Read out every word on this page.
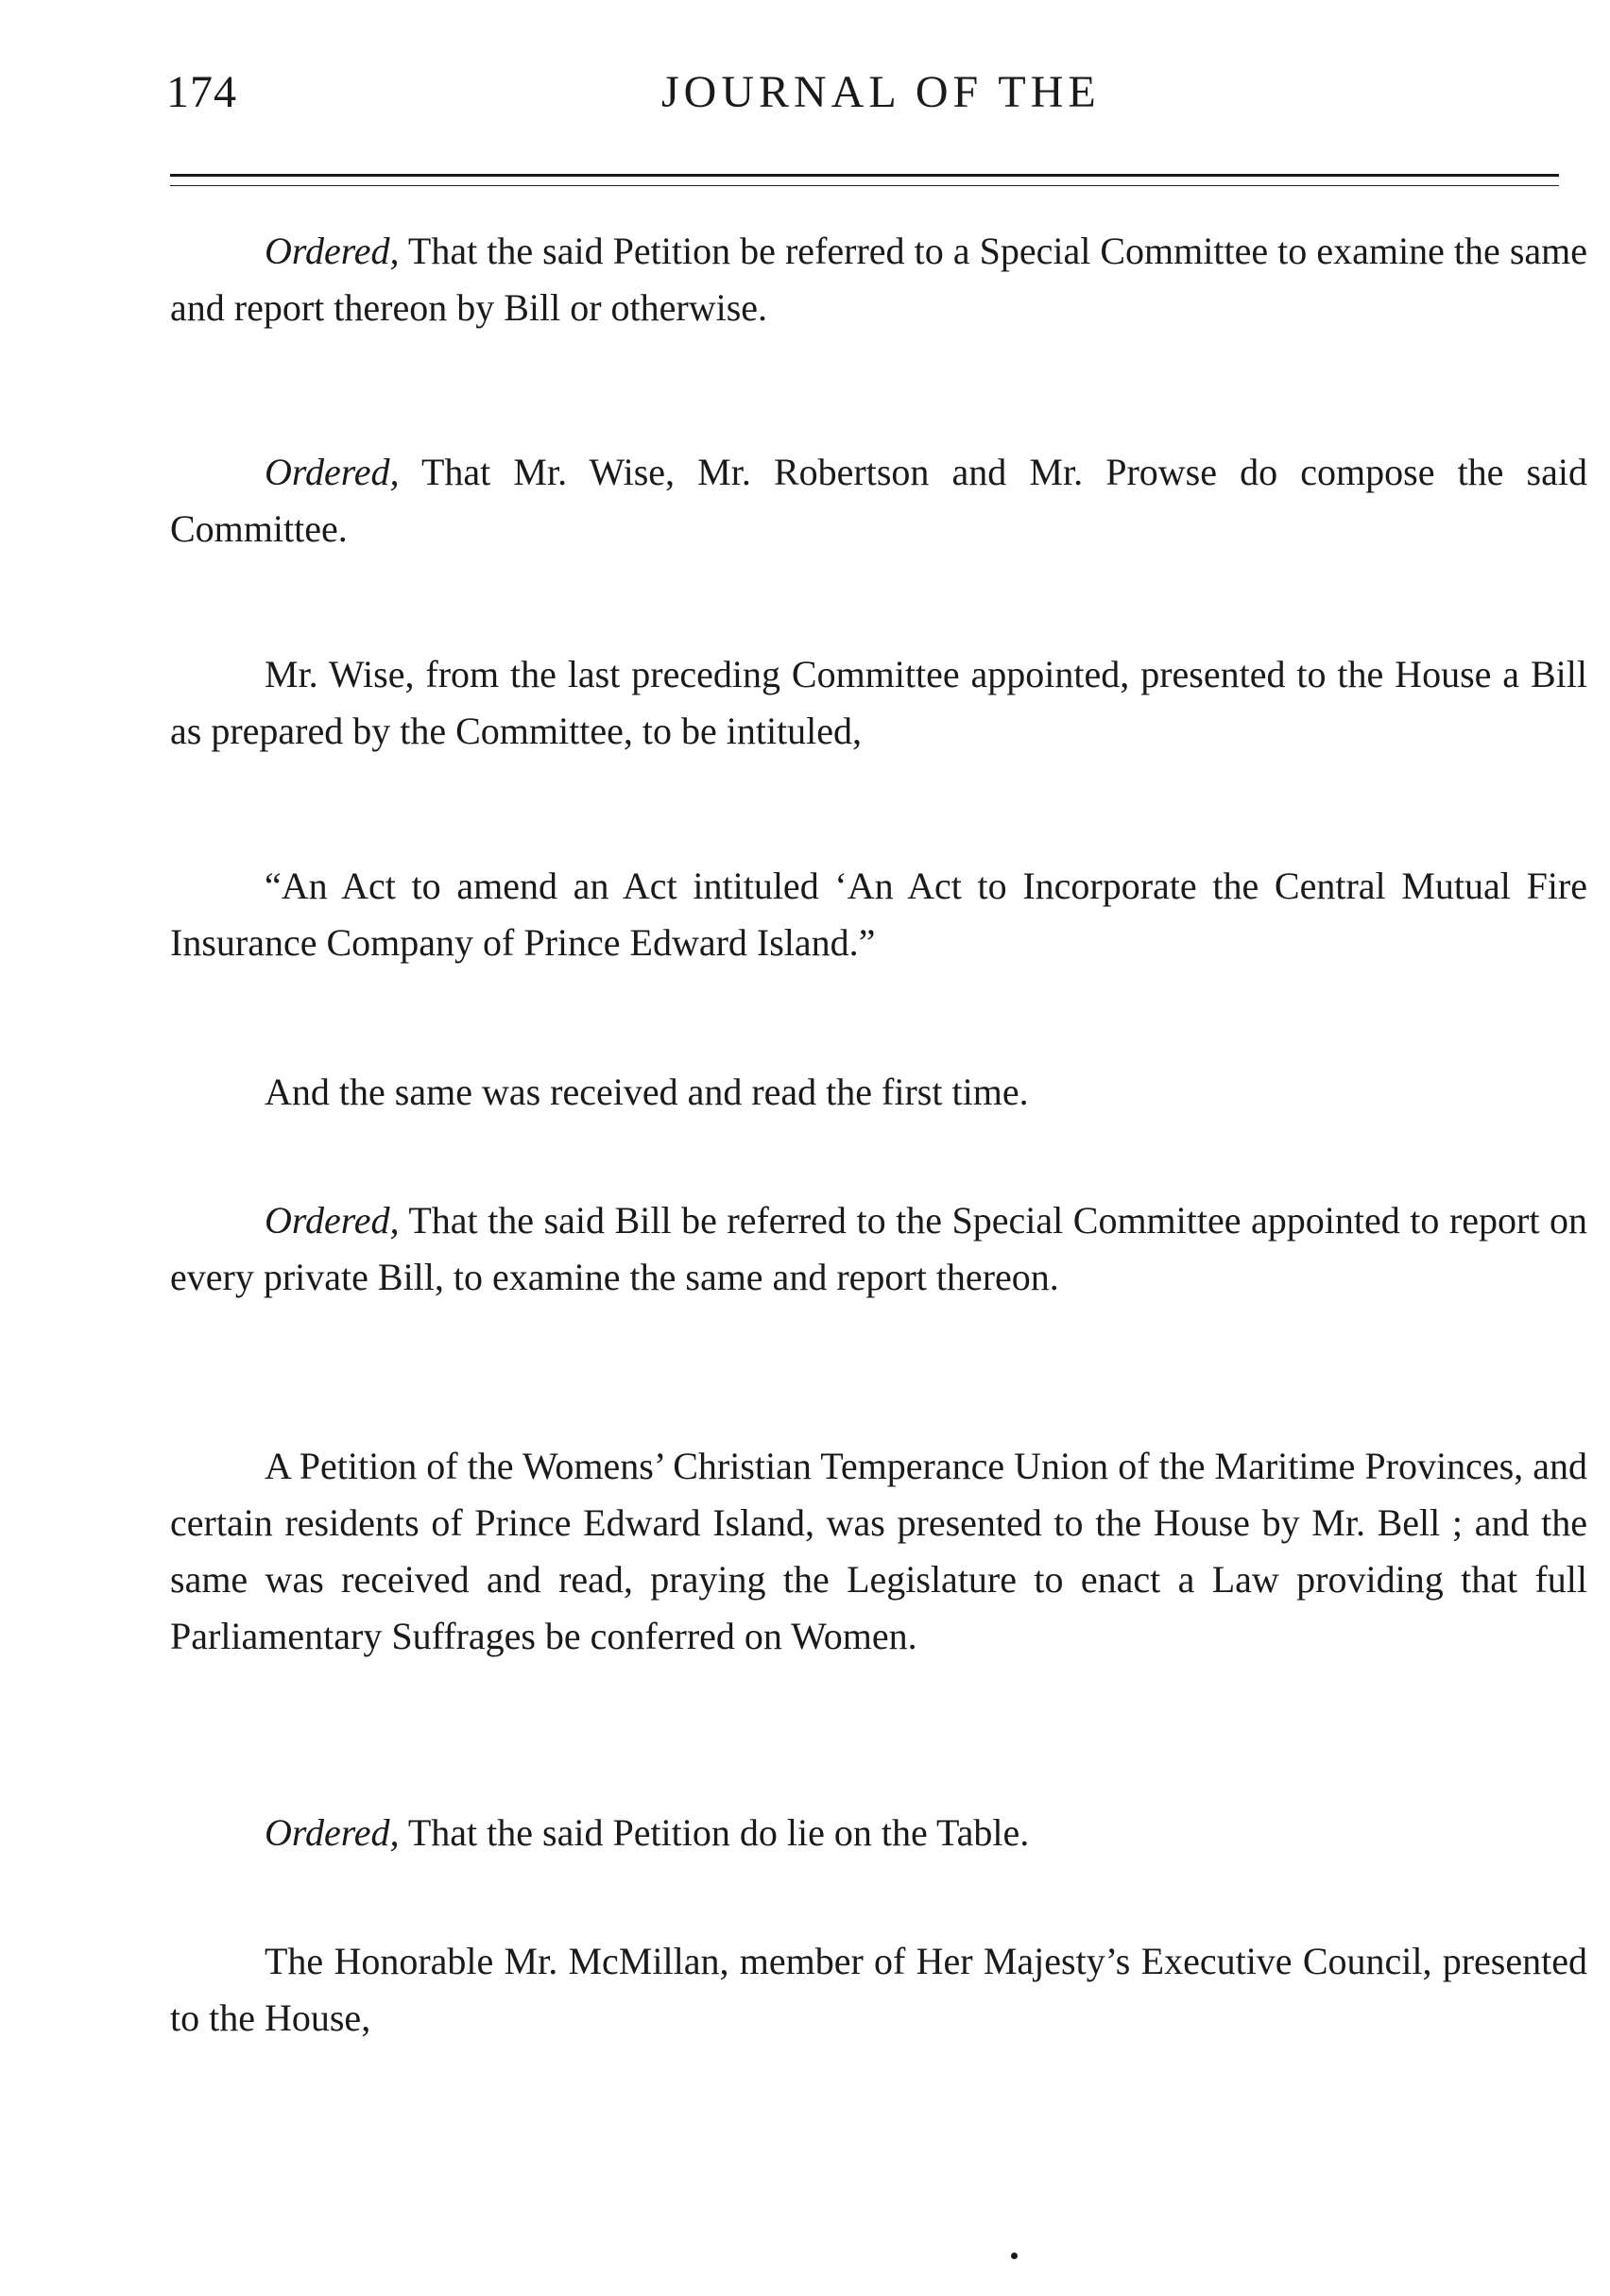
174	JOURNAL OF THE

Ordered, That the said Petition be referred to a Special Committee to examine the same and report thereon by Bill or otherwise.

Ordered, That Mr. Wise, Mr. Robertson and Mr. Prowse do compose the said Committee.

Mr. Wise, from the last preceding Committee appointed, presented to the House a Bill as prepared by the Committee, to be intituled,

“An Act to amend an Act intituled ‘An Act to Incorporate the Central Mutual Fire Insurance Company of Prince Edward Island.”

And the same was received and read the first time.

Ordered, That the said Bill be referred to the Special Committee appointed to report on every private Bill, to examine the same and report thereon.

A Petition of the Womens’ Christian Temperance Union of the Maritime Provinces, and certain residents of Prince Edward Island, was presented to the House by Mr. Bell ; and the same was received and read, praying the Legislature to enact a Law providing that full Parliamentary Suffrages be conferred on Women.

Ordered, That the said Petition do lie on the Table.

The Honorable Mr. McMillan, member of Her Majesty’s Executive Council, presented to the House,
